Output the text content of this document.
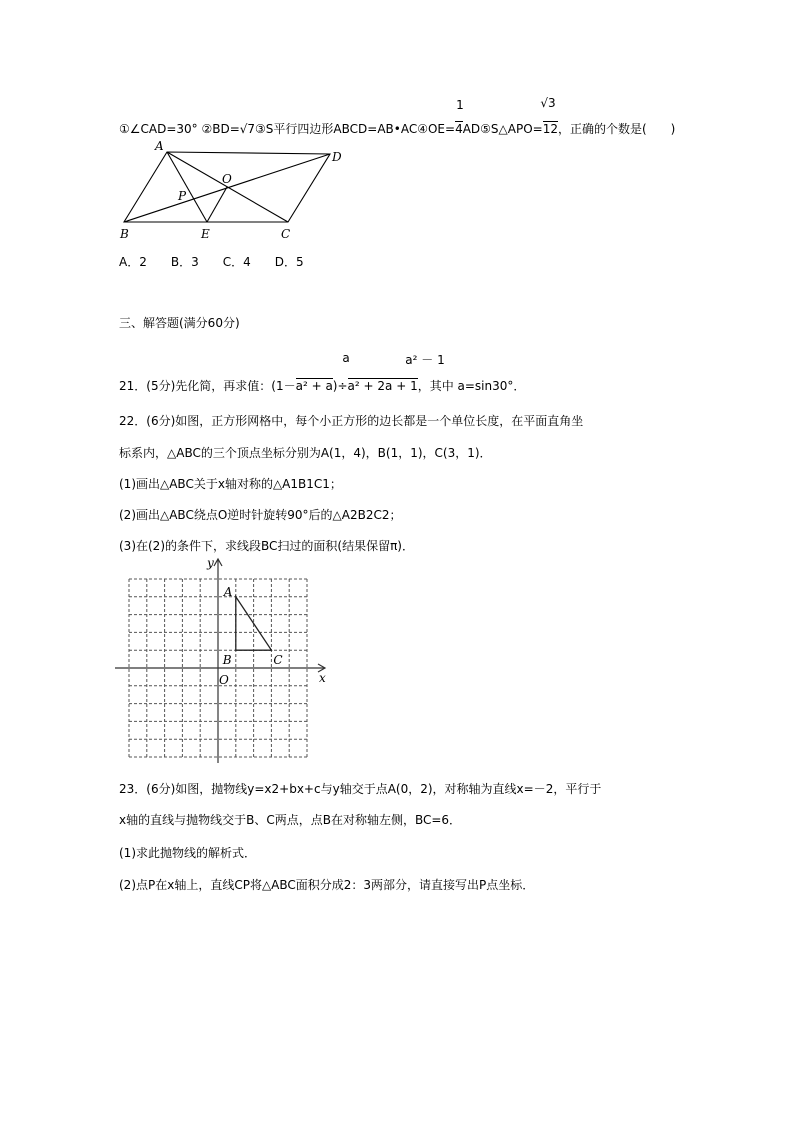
1	√3
①∠CAD=30° ②BD=√7③S平行四边形ABCD=AB•AC④OE=4AD⑤S△APO=12，正确的个数是(　　)
A
D
B	E	C
O
P
A．2　　B．3　　C．4　　D．5
三、解答题(满分60分)
a	a² － 1
21．(5分)先化简，再求值：(1－a² + a)÷a² + 2a + 1，其中 a=sin30°．
22．(6分)如图，正方形网格中，每个小正方形的边长都是一个单位长度，在平面直角坐
标系内，△ABC的三个顶点坐标分别为A(1，4)，B(1，1)，C(3，1)．
(1)画出△ABC关于x轴对称的△A1B1C1；
(2)画出△ABC绕点O逆时针旋转90°后的△A2B2C2；
(3)在(2)的条件下，求线段BC扫过的面积(结果保留π)．
A
B	C
x
y
O
23．(6分)如图，抛物线y=x2+bx+c与y轴交于点A(0，2)，对称轴为直线x=－2，平行于
x轴的直线与抛物线交于B、C两点，点B在对称轴左侧，BC=6．
(1)求此抛物线的解析式．
(2)点P在x轴上，直线CP将△ABC面积分成2：3两部分，请直接写出P点坐标．
